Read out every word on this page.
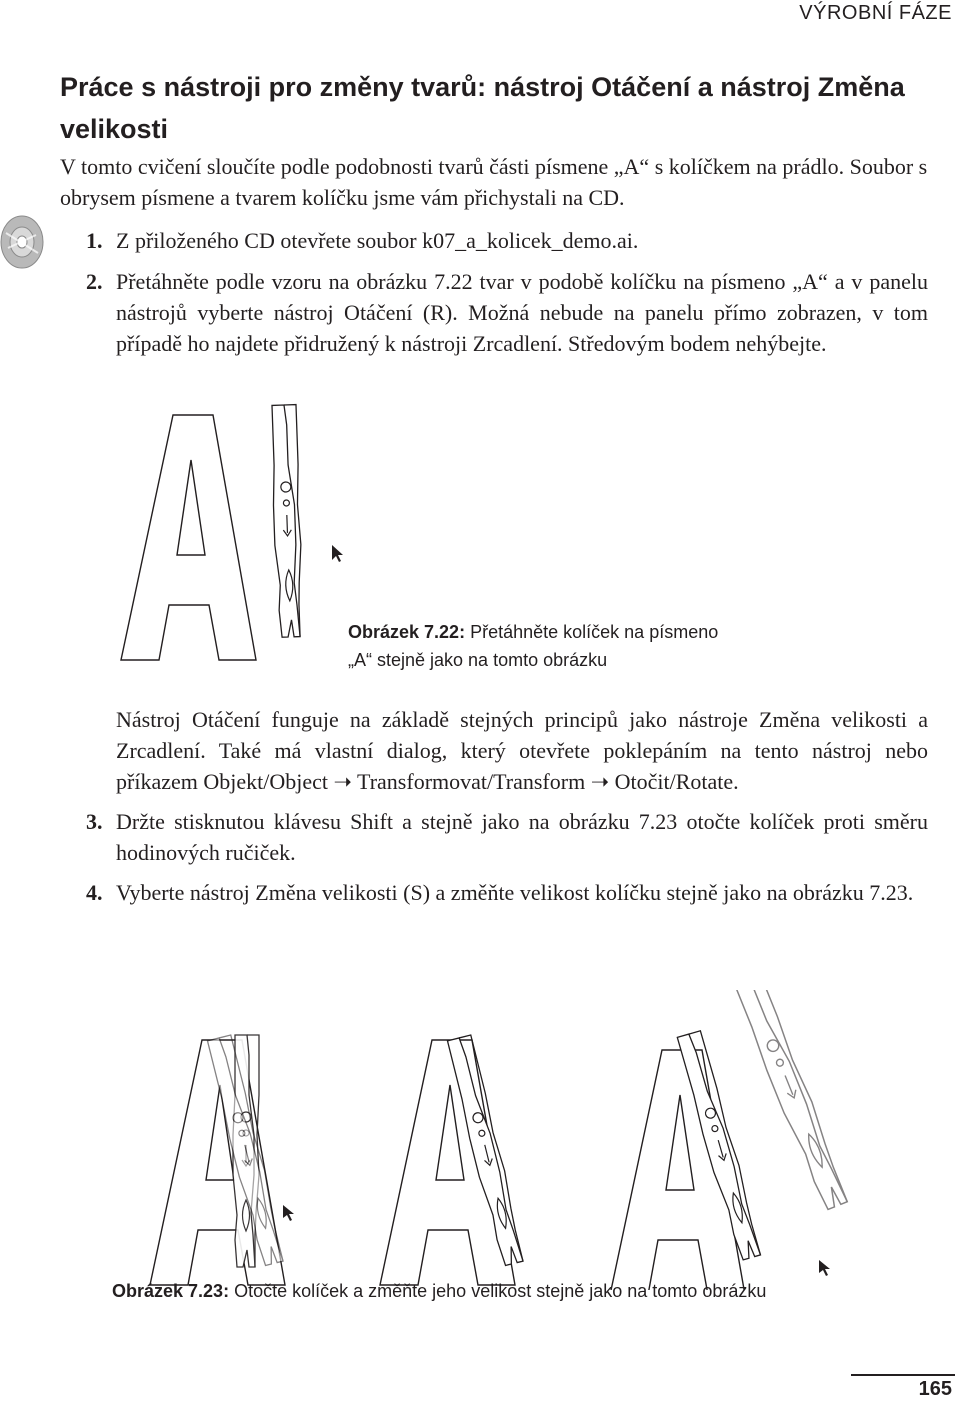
VÝROBNÍ FÁZE
Práce s nástroji pro změny tvarů: nástroj Otáčení a nástroj Změna velikosti

V tomto cvičení sloučíte podle podobnosti tvarů části písmene „A“ s kolíčkem na prádlo. Soubor s obrysem písmene a tvarem kolíčku jsme vám přichystali na CD.

1. Z přiloženého CD otevřete soubor k07_a_kolicek_demo.ai.
2. Přetáhněte podle vzoru na obrázku 7.22 tvar v podobě kolíčku na písmeno „A“ a v panelu nástrojů vyberte nástroj Otáčení (R). Možná nebude na panelu přímo zobrazen, v tom případě ho najdete přidružený k nástroji Zrcadlení. Středovým bodem nehýbejte.
Obrázek 7.22: Přetáhněte kolíček na písmeno „A“ stejně jako na tomto obrázku

Nástroj Otáčení funguje na základě stejných principů jako nástroje Změna velikosti a Zrcadlení. Také má vlastní dialog, který otevřete poklepáním na tento nástroj nebo příkazem Objekt/Object ➝ Transformovat/Transform ➝ Otočit/Rotate.

3. Držte stisknutou klávesu Shift a stejně jako na obrázku 7.23 otočte kolíček proti směru hodinových ručiček.
4. Vyberte nástroj Změna velikosti (S) a změňte velikost kolíčku stejně jako na obrázku 7.23.
Obrázek 7.23: Otočte kolíček a změňte jeho velikost stejně jako na tomto obrázku
165
